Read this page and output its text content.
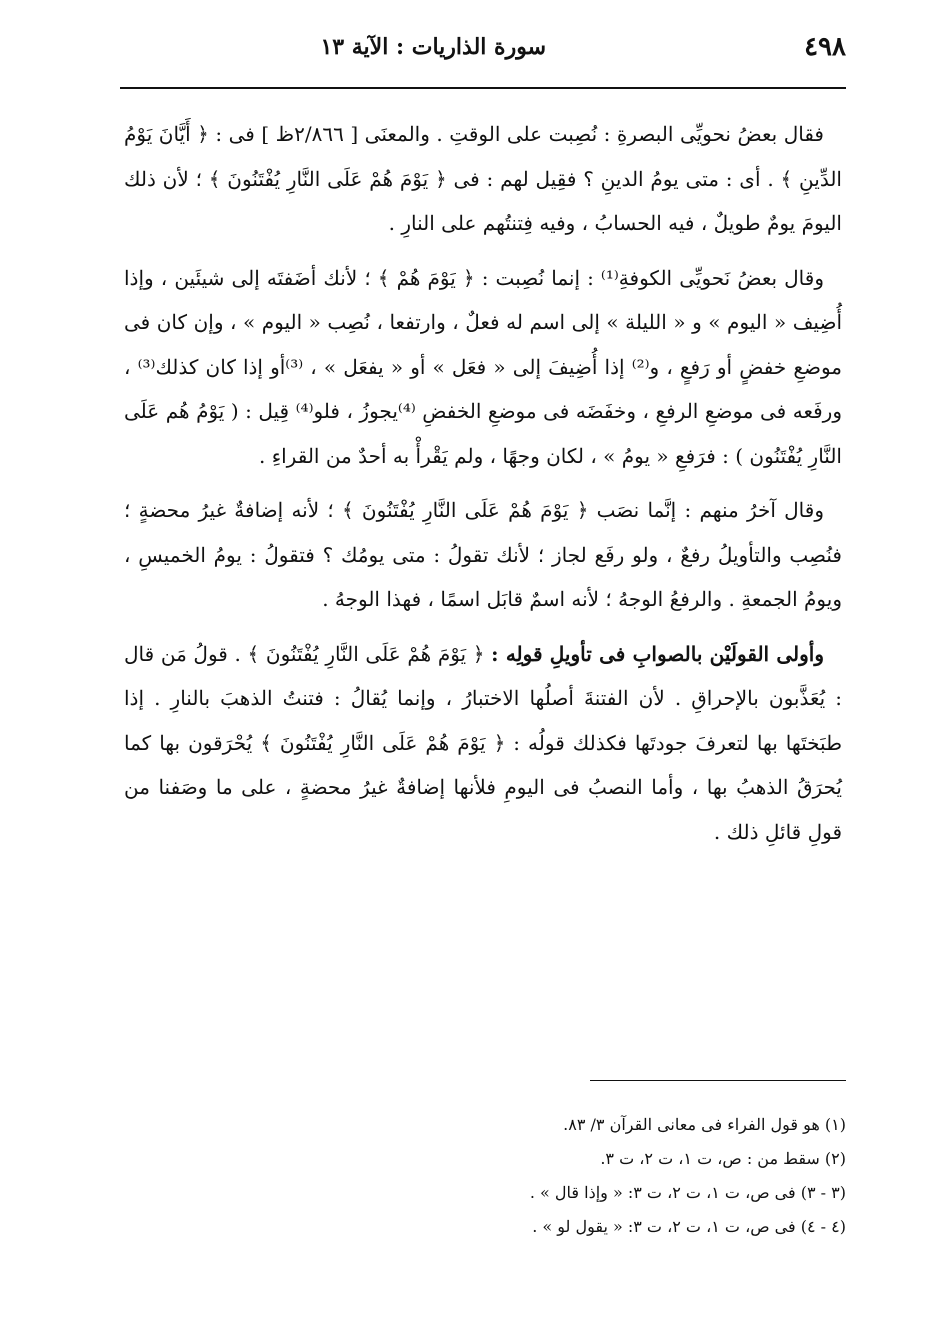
٤٩٨
سورة الذاريات : الآية ١٣

فقال بعضُ نحويِّى البصرةِ : نُصِبت على الوقتِ . والمعنَى [ ٢/٨٦٦ظ ] فى : ﴿ أَيَّانَ يَوْمُ الدِّينِ ﴾ . أى : متى يومُ الدينِ ؟ فقِيل لهم : فى ﴿ يَوْمَ هُمْ عَلَى النَّارِ يُفْتَنُونَ ﴾ ؛ لأن ذلك اليومَ يومٌ طويلٌ ، فيه الحسابُ ، وفيه فِتنتُهم على النارِ .

وقال بعضُ نَحويِّى الكوفةِ⁽¹⁾ : إنما نُصِبت : ﴿ يَوْمَ هُمْ ﴾ ؛ لأنك أضَفتَه إلى شيئَين ، وإذا أُضِيف « اليوم » و « الليلة » إلى اسم له فعلٌ ، وارتفعا ، نُصِب « اليوم » ، وإن كان فى موضعِ خفضٍ أو رَفعٍ ، و⁽²⁾ إذا أُضِيفَ إلى « فعَل » أو « يفعَل » ، ⁽³⁾أو إذا كان كذلك⁽³⁾ ، ورفَعه فى موضعِ الرفعِ ، وخفَضَه فى موضعِ الخفضِ ⁽⁴⁾يجوزُ ، فلو⁽⁴⁾ قِيل : ( يَوْمُ هُم عَلَى النَّارِ يُفْتَنُون ) : فرَفعِ « يومُ » ، لكان وجهًا ، ولم يَقْرأْ به أحدٌ من القراءِ .

وقال آخرُ منهم : إنَّما نصَب ﴿ يَوْمَ هُمْ عَلَى النَّارِ يُفْتَنُونَ ﴾ ؛ لأنه إضافةٌ غيرُ محضةٍ ؛ فنُصِب والتأويلُ رفعٌ ، ولو رفَع لجاز ؛ لأنك تقولُ : متى يومُك ؟ فتقولُ : يومُ الخميسِ ، ويومُ الجمعةِ . والرفعُ الوجهُ ؛ لأنه اسمٌ قابَل اسمًا ، فهذا الوجهُ .

وأولى القولَيْن بالصوابِ فى تأويلِ قولِه : ﴿ يَوْمَ هُمْ عَلَى النَّارِ يُفْتَنُونَ ﴾ . قولُ مَن قال : يُعَذَّبون بالإحراقِ . لأن الفتنةَ أصلُها الاختبارُ ، وإنما يُقالُ : فتنتُ الذهبَ بالنارِ . إذا طبَختَها بها لتعرفَ جودتَها فكذلك قولُه : ﴿ يَوْمَ هُمْ عَلَى النَّارِ يُفْتَنُونَ ﴾ يُحْرَقون بها كما يُحرَقُ الذهبُ بها ، وأما النصبُ فى اليومِ فلأنها إضافةٌ غيرُ محضةٍ ، على ما وصَفنا من قولِ قائلِ ذلك .

(١) هو قول الفراء فى معانى القرآن ٣/ ٨٣.
(٢) سقط من : ص، ت ١، ت ٢، ت ٣.
(٣ - ٣) فى ص، ت ١، ت ٢، ت ٣: « وإذا قال » .
(٤ - ٤) فى ص، ت ١، ت ٢، ت ٣: « يقول لو » .
